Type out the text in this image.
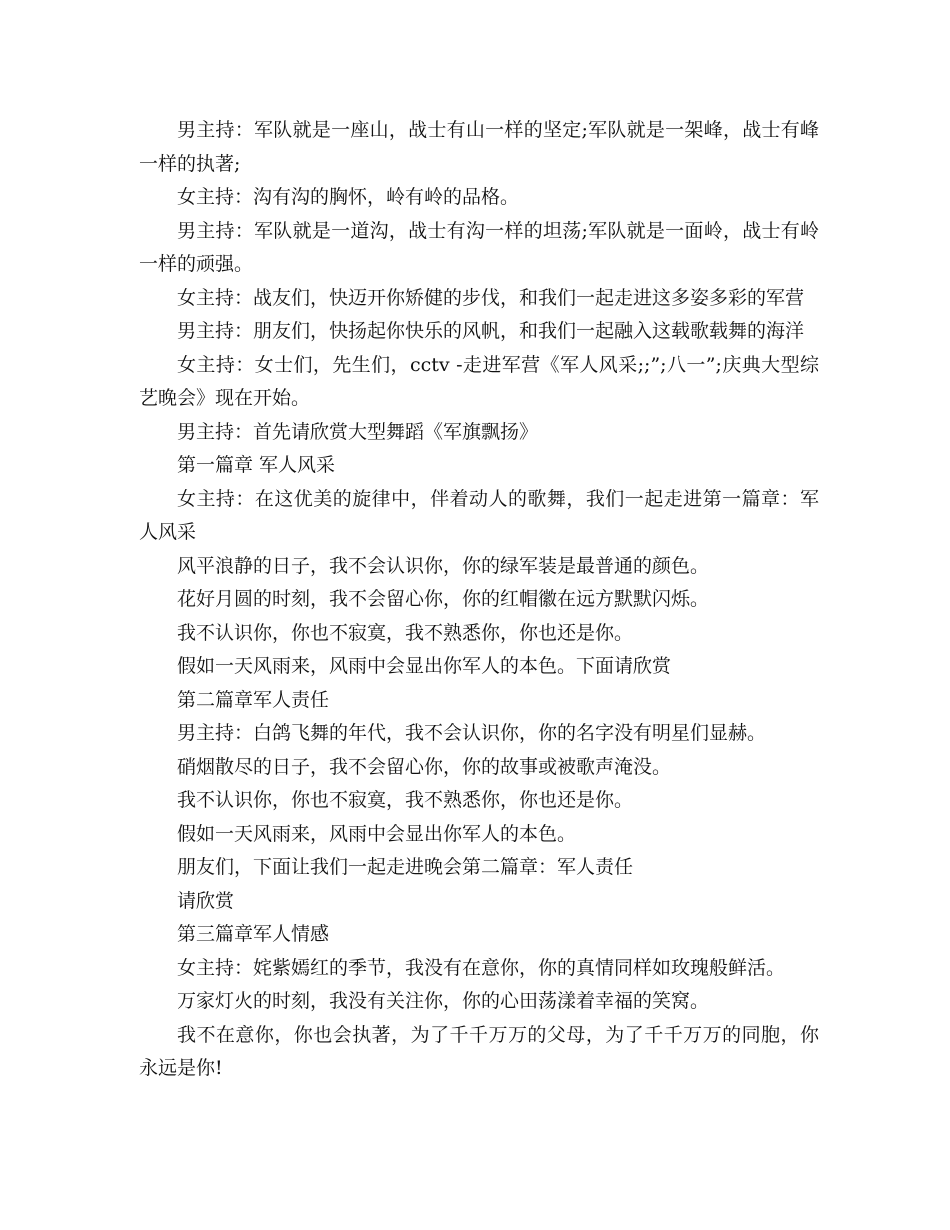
男主持：军队就是一座山，战士有山一样的坚定;军队就是一架峰，战士有峰一样的执著;

女主持：沟有沟的胸怀，岭有岭的品格。

男主持：军队就是一道沟，战士有沟一样的坦荡;军队就是一面岭，战士有岭一样的顽强。

女主持：战友们，快迈开你矫健的步伐，和我们一起走进这多姿多彩的军营

男主持：朋友们，快扬起你快乐的风帆，和我们一起融入这载歌载舞的海洋

女主持：女士们，先生们，cctv -走进军营《军人风采;;”;八一”;庆典大型综艺晚会》现在开始。

男主持：首先请欣赏大型舞蹈《军旗飘扬》

第一篇章 军人风采

女主持：在这优美的旋律中，伴着动人的歌舞，我们一起走进第一篇章：军人风采

风平浪静的日子，我不会认识你，你的绿军装是最普通的颜色。

花好月圆的时刻，我不会留心你，你的红帽徽在远方默默闪烁。

我不认识你，你也不寂寞，我不熟悉你，你也还是你。

假如一天风雨来，风雨中会显出你军人的本色。下面请欣赏

第二篇章军人责任

男主持：白鸽飞舞的年代，我不会认识你，你的名字没有明星们显赫。

硝烟散尽的日子，我不会留心你，你的故事或被歌声淹没。

我不认识你，你也不寂寞，我不熟悉你，你也还是你。

假如一天风雨来，风雨中会显出你军人的本色。

朋友们，下面让我们一起走进晚会第二篇章：军人责任

请欣赏

第三篇章军人情感

女主持：姹紫嫣红的季节，我没有在意你，你的真情同样如玫瑰般鲜活。

万家灯火的时刻，我没有关注你，你的心田荡漾着幸福的笑窝。

我不在意你，你也会执著，为了千千万万的父母，为了千千万万的同胞，你永远是你!
